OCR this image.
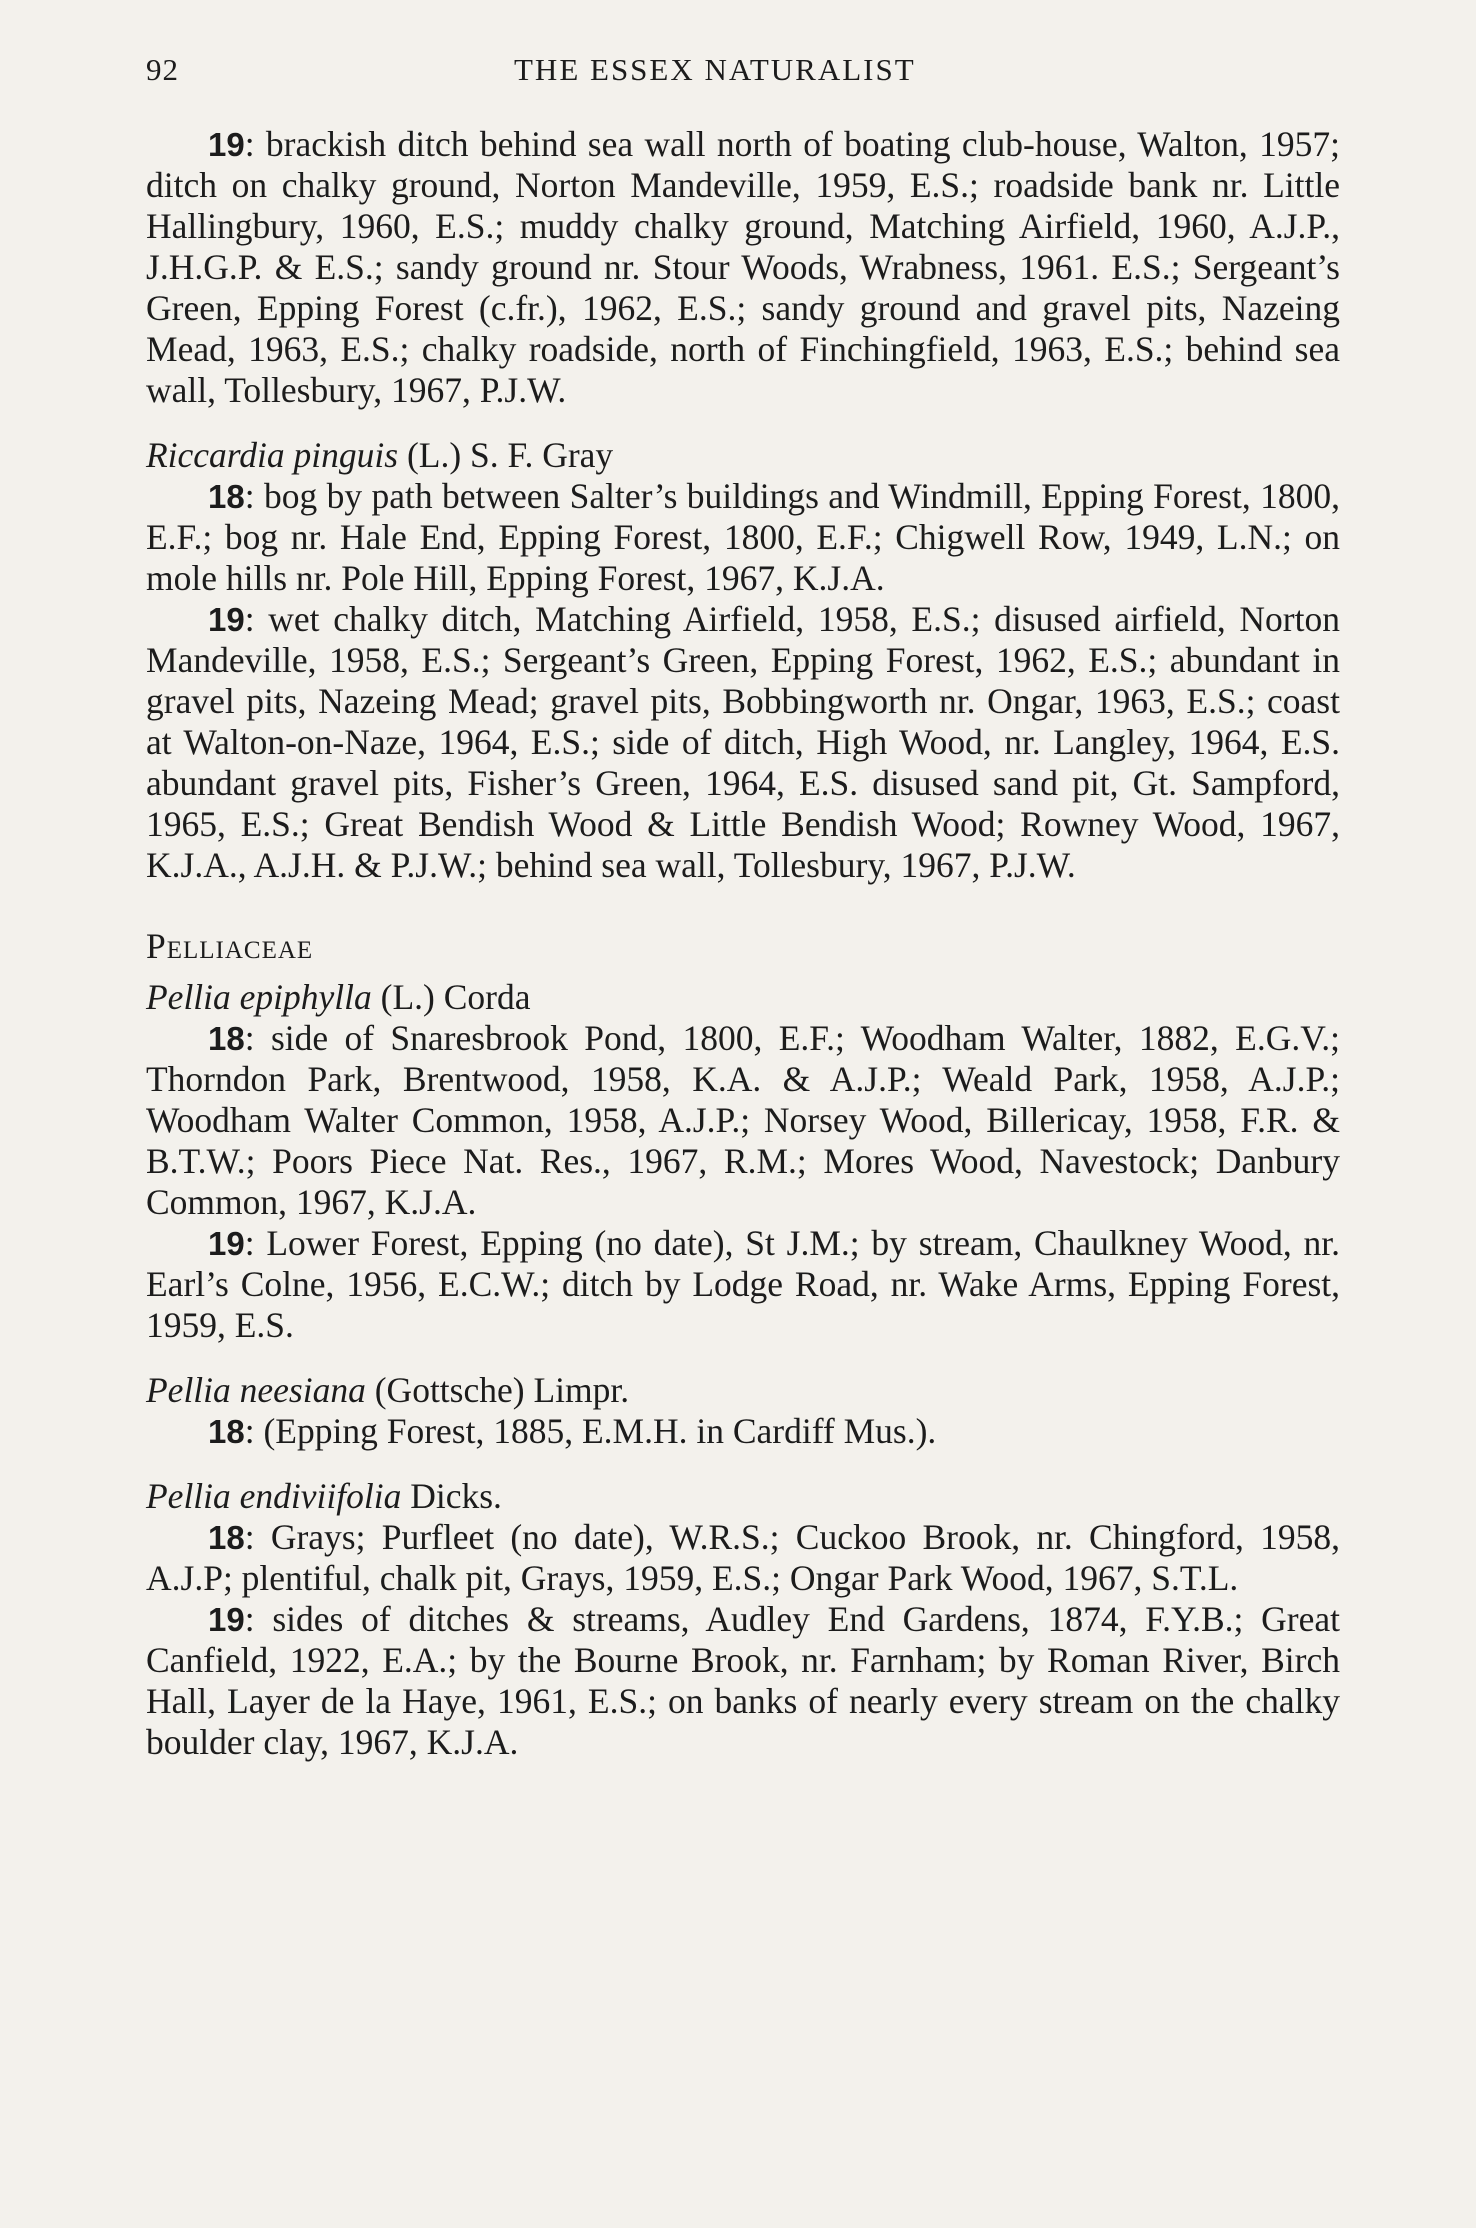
92	THE ESSEX NATURALIST

19: brackish ditch behind sea wall north of boating club-house, Walton, 1957; ditch on chalky ground, Norton Mandeville, 1959, E.S.; roadside bank nr. Little Hallingbury, 1960, E.S.; muddy chalky ground, Matching Airfield, 1960, A.J.P., J.H.G.P. & E.S.; sandy ground nr. Stour Woods, Wrabness, 1961. E.S.; Sergeant’s Green, Epping Forest (c.fr.), 1962, E.S.; sandy ground and gravel pits, Nazeing Mead, 1963, E.S.; chalky roadside, north of Finchingfield, 1963, E.S.; behind sea wall, Tollesbury, 1967, P.J.W.

Riccardia pinguis (L.) S. F. Gray

18: bog by path between Salter’s buildings and Windmill, Epping Forest, 1800, E.F.; bog nr. Hale End, Epping Forest, 1800, E.F.; Chigwell Row, 1949, L.N.; on mole hills nr. Pole Hill, Epping Forest, 1967, K.J.A.

19: wet chalky ditch, Matching Airfield, 1958, E.S.; disused airfield, Norton Mandeville, 1958, E.S.; Sergeant’s Green, Epping Forest, 1962, E.S.; abundant in gravel pits, Nazeing Mead; gravel pits, Bobbingworth nr. Ongar, 1963, E.S.; coast at Walton-on-Naze, 1964, E.S.; side of ditch, High Wood, nr. Langley, 1964, E.S. abundant gravel pits, Fisher’s Green, 1964, E.S. disused sand pit, Gt. Sampford, 1965, E.S.; Great Bendish Wood & Little Bendish Wood; Rowney Wood, 1967, K.J.A., A.J.H. & P.J.W.; behind sea wall, Tollesbury, 1967, P.J.W.

Pelliaceae

Pellia epiphylla (L.) Corda

18: side of Snaresbrook Pond, 1800, E.F.; Woodham Walter, 1882, E.G.V.; Thorndon Park, Brentwood, 1958, K.A. & A.J.P.; Weald Park, 1958, A.J.P.; Woodham Walter Common, 1958, A.J.P.; Norsey Wood, Billericay, 1958, F.R. & B.T.W.; Poors Piece Nat. Res., 1967, R.M.; Mores Wood, Navestock; Danbury Common, 1967, K.J.A.

19: Lower Forest, Epping (no date), St J.M.; by stream, Chaulkney Wood, nr. Earl’s Colne, 1956, E.C.W.; ditch by Lodge Road, nr. Wake Arms, Epping Forest, 1959, E.S.

Pellia neesiana (Gottsche) Limpr.

18: (Epping Forest, 1885, E.M.H. in Cardiff Mus.).

Pellia endiviifolia Dicks.

18: Grays; Purfleet (no date), W.R.S.; Cuckoo Brook, nr. Chingford, 1958, A.J.P; plentiful, chalk pit, Grays, 1959, E.S.; Ongar Park Wood, 1967, S.T.L.

19: sides of ditches & streams, Audley End Gardens, 1874, F.Y.B.; Great Canfield, 1922, E.A.; by the Bourne Brook, nr. Farnham; by Roman River, Birch Hall, Layer de la Haye, 1961, E.S.; on banks of nearly every stream on the chalky boulder clay, 1967, K.J.A.
